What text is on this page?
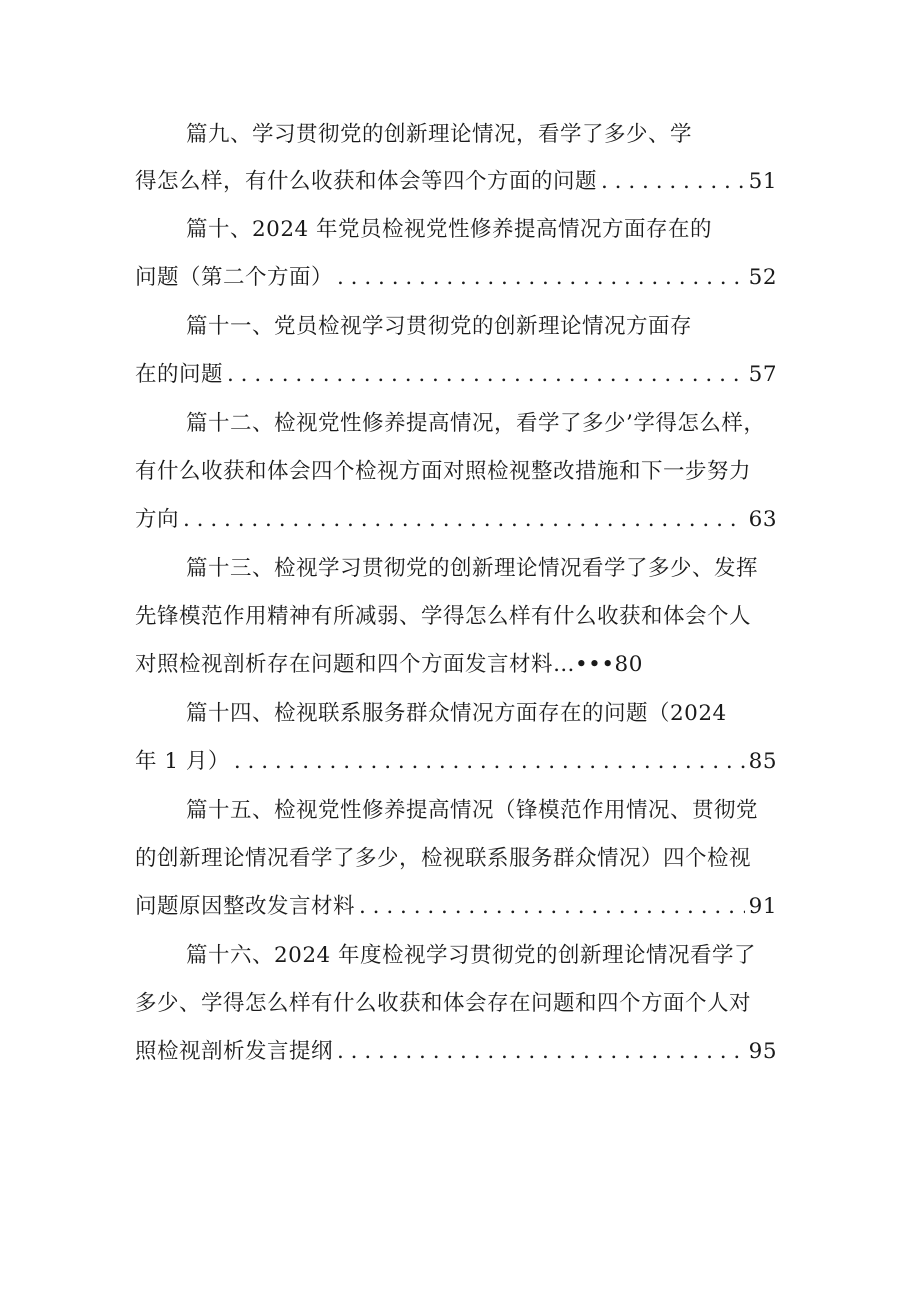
篇九、学习贯彻党的创新理论情况，看学了多少、学
得怎么样，有什么收获和体会等四个方面的问题 . . .	51
篇十、2024 年党员检视党性修养提高情况方面存在的
问题（第二个方面） . . .	52
篇十一、党员检视学习贯彻党的创新理论情况方面存
在的问题 . . .	57
篇十二、检视党性修养提高情况，看学了多少’学得怎么样，
有什么收获和体会四个检视方面对照检视整改措施和下一步努力
方向 . . .	63
篇十三、检视学习贯彻党的创新理论情况看学了多少、发挥
先锋模范作用精神有所减弱、学得怎么样有什么收获和体会个人
对照检视剖析存在问题和四个方面发言材料…•••80
篇十四、检视联系服务群众情况方面存在的问题（2024
年 1 月） . . .	85
篇十五、检视党性修养提高情况（锋模范作用情况、贯彻党
的创新理论情况看学了多少，检视联系服务群众情况）四个检视
问题原因整改发言材料 . . .	91
篇十六、2024 年度检视学习贯彻党的创新理论情况看学了
多少、学得怎么样有什么收获和体会存在问题和四个方面个人对
照检视剖析发言提纲 . . .	95
